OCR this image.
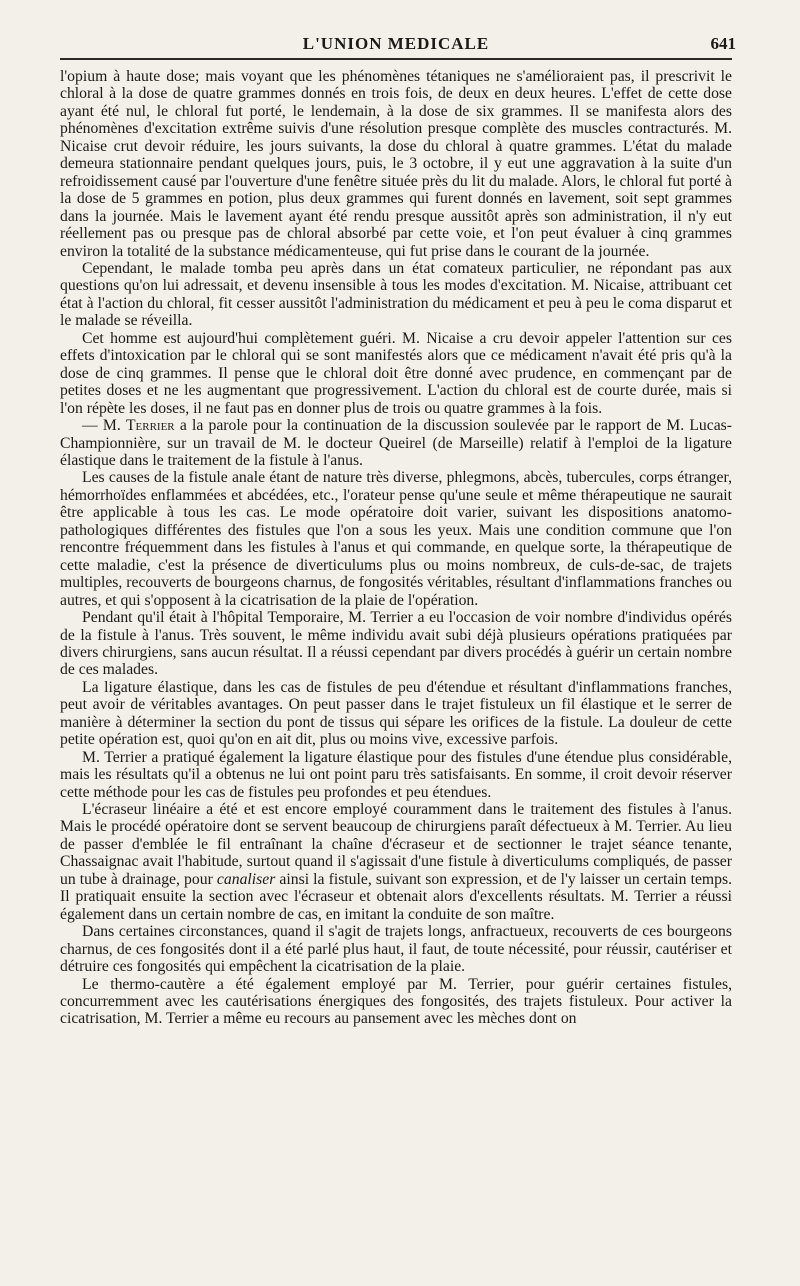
L'UNION MEDICALE	641

l'opium à haute dose; mais voyant que les phénomènes tétaniques ne s'amélioraient pas, il prescrivit le chloral à la dose de quatre grammes donnés en trois fois, de deux en deux heures. L'effet de cette dose ayant été nul, le chloral fut porté, le lendemain, à la dose de six grammes. Il se manifesta alors des phénomènes d'excitation extrême suivis d'une résolution presque complète des muscles contracturés. M. Nicaise crut devoir réduire, les jours suivants, la dose du chloral à quatre grammes. L'état du malade demeura stationnaire pendant quelques jours, puis, le 3 octobre, il y eut une aggravation à la suite d'un refroidissement causé par l'ouverture d'une fenêtre située près du lit du malade. Alors, le chloral fut porté à la dose de 5 grammes en potion, plus deux grammes qui furent donnés en lavement, soit sept grammes dans la journée. Mais le lavement ayant été rendu presque aussitôt après son administration, il n'y eut réellement pas ou presque pas de chloral absorbé par cette voie, et l'on peut évaluer à cinq grammes environ la totalité de la substance médicamenteuse, qui fut prise dans le courant de la journée.

Cependant, le malade tomba peu après dans un état comateux particulier, ne répondant pas aux questions qu'on lui adressait, et devenu insensible à tous les modes d'excitation. M. Nicaise, attribuant cet état à l'action du chloral, fit cesser aussitôt l'administration du médicament et peu à peu le coma disparut et le malade se réveilla.

Cet homme est aujourd'hui complètement guéri. M. Nicaise a cru devoir appeler l'attention sur ces effets d'intoxication par le chloral qui se sont manifestés alors que ce médicament n'avait été pris qu'à la dose de cinq grammes. Il pense que le chloral doit être donné avec prudence, en commençant par de petites doses et ne les augmentant que progressivement. L'action du chloral est de courte durée, mais si l'on répète les doses, il ne faut pas en donner plus de trois ou quatre grammes à la fois.

— M. Terrier a la parole pour la continuation de la discussion soulevée par le rapport de M. Lucas-Championnière, sur un travail de M. le docteur Queirel (de Marseille) relatif à l'emploi de la ligature élastique dans le traitement de la fistule à l'anus.

Les causes de la fistule anale étant de nature très diverse, phlegmons, abcès, tubercules, corps étranger, hémorrhoïdes enflammées et abcédées, etc., l'orateur pense qu'une seule et même thérapeutique ne saurait être applicable à tous les cas. Le mode opératoire doit varier, suivant les dispositions anatomo-pathologiques différentes des fistules que l'on a sous les yeux. Mais une condition commune que l'on rencontre fréquemment dans les fistules à l'anus et qui commande, en quelque sorte, la thérapeutique de cette maladie, c'est la présence de diverticulums plus ou moins nombreux, de culs-de-sac, de trajets multiples, recouverts de bourgeons charnus, de fongosités véritables, résultant d'inflammations franches ou autres, et qui s'opposent à la cicatrisation de la plaie de l'opération.

Pendant qu'il était à l'hôpital Temporaire, M. Terrier a eu l'occasion de voir nombre d'individus opérés de la fistule à l'anus. Très souvent, le même individu avait subi déjà plusieurs opérations pratiquées par divers chirurgiens, sans aucun résultat. Il a réussi cependant par divers procédés à guérir un certain nombre de ces malades.

La ligature élastique, dans les cas de fistules de peu d'étendue et résultant d'inflammations franches, peut avoir de véritables avantages. On peut passer dans le trajet fistuleux un fil élastique et le serrer de manière à déterminer la section du pont de tissus qui sépare les orifices de la fistule. La douleur de cette petite opération est, quoi qu'on en ait dit, plus ou moins vive, excessive parfois.

M. Terrier a pratiqué également la ligature élastique pour des fistules d'une étendue plus considérable, mais les résultats qu'il a obtenus ne lui ont point paru très satisfaisants. En somme, il croit devoir réserver cette méthode pour les cas de fistules peu profondes et peu étendues.

L'écraseur linéaire a été et est encore employé couramment dans le traitement des fistules à l'anus. Mais le procédé opératoire dont se servent beaucoup de chirurgiens paraît défectueux à M. Terrier. Au lieu de passer d'emblée le fil entraînant la chaîne d'écraseur et de sectionner le trajet séance tenante, Chassaignac avait l'habitude, surtout quand il s'agissait d'une fistule à diverticulums compliqués, de passer un tube à drainage, pour canaliser ainsi la fistule, suivant son expression, et de l'y laisser un certain temps. Il pratiquait ensuite la section avec l'écraseur et obtenait alors d'excellents résultats. M. Terrier a réussi également dans un certain nombre de cas, en imitant la conduite de son maître.

Dans certaines circonstances, quand il s'agit de trajets longs, anfractueux, recouverts de ces bourgeons charnus, de ces fongosités dont il a été parlé plus haut, il faut, de toute nécessité, pour réussir, cautériser et détruire ces fongosités qui empêchent la cicatrisation de la plaie.

Le thermo-cautère a été également employé par M. Terrier, pour guérir certaines fistules, concurremment avec les cautérisations énergiques des fongosités, des trajets fistuleux. Pour activer la cicatrisation, M. Terrier a même eu recours au pansement avec les mèches dont on
